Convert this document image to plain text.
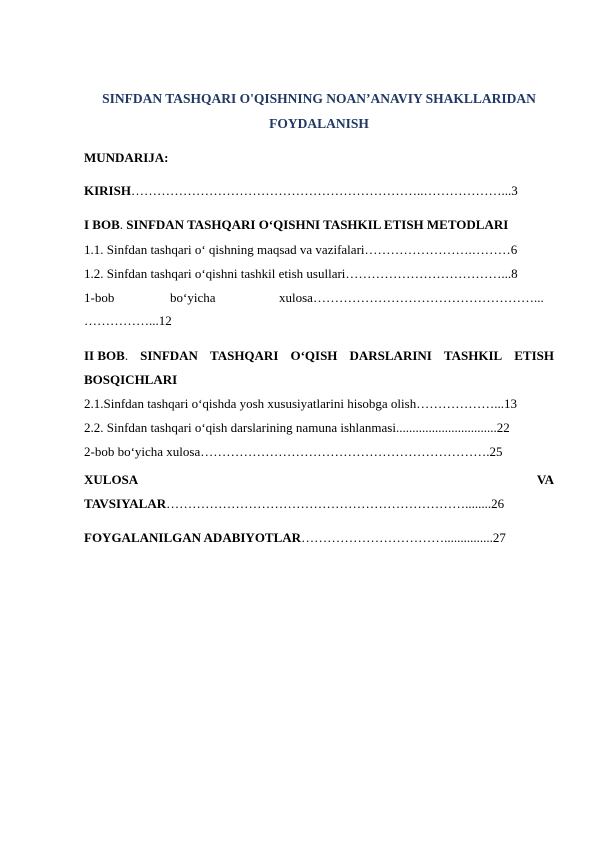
SINFDAN TASHQARI O'QISHNING NOAN’ANAVIY SHAKLLARIDAN
FOYDALANISH
MUNDARIJA:
KIRISH…………………………………………………………..………………...3
I BOB. SINFDAN TASHQARI O‘QISHNI TASHKIL ETISH METODLARI
1.1. Sinfdan tashqari o‘ qishning maqsad va vazifalari…………………….………6
1.2. Sinfdan tashqari o‘qishni tashkil etish usullari………………………………...8
1-bob	bo‘yicha	xulosa ……………………………………………...
……………...12
II BOB. SINFDAN TASHQARI O‘QISH DARSLARINI TASHKIL ETISH
BOSQICHLARI
2.1.Sinfdan tashqari o‘qishda yosh xususiyatlarini hisobga olish………………...13
2.2. Sinfdan tashqari o‘qish darslarining namuna ishlanmasi...............................22
2-bob bo‘yicha xulosa………………………………………………………….25
XULOSA	VA
TAVSIYALAR……………………………………………………………........26
FOYGALANILGAN ADABIYOTLAR……………………………...............27
